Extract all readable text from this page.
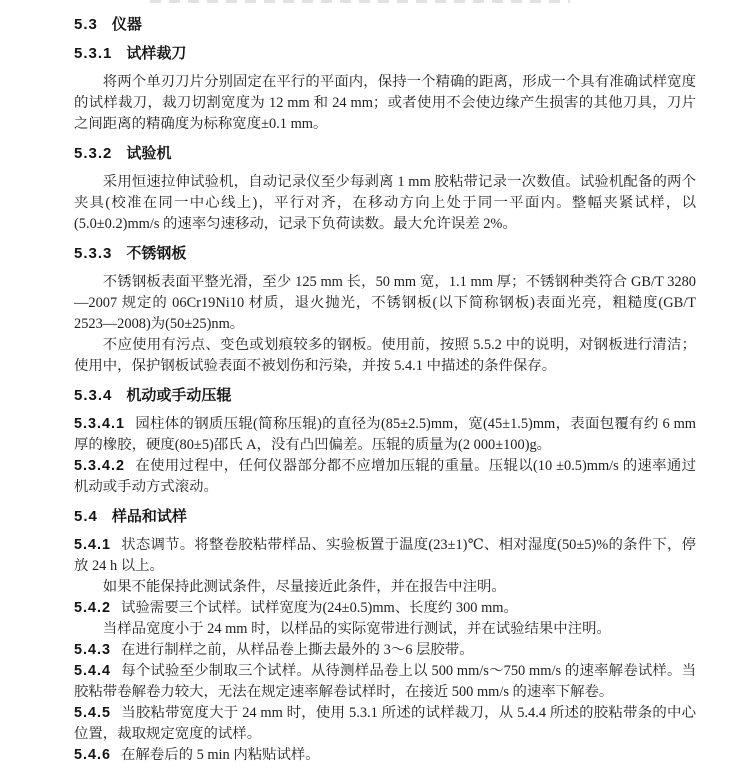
5.3 仪器
5.3.1 试样裁刀

将两个单刃刀片分别固定在平行的平面内，保持一个精确的距离，形成一个具有准确试样宽度的试样裁刀，裁刀切割宽度为 12 mm 和 24 mm；或者使用不会使边缘产生损害的其他刀具，刀片之间距离的精确度为标称宽度±0.1 mm。

5.3.2 试验机

采用恒速拉伸试验机，自动记录仪至少每剥离 1 mm 胶粘带记录一次数值。试验机配备的两个夹具(校准在同一中心线上)，平行对齐，在移动方向上处于同一平面内。整幅夹紧试样，以(5.0±0.2)mm/s 的速率匀速移动，记录下负荷读数。最大允许误差 2%。

5.3.3 不锈钢板

不锈钢板表面平整光滑，至少 125 mm 长，50 mm 宽，1.1 mm 厚；不锈钢种类符合 GB/T 3280—2007 规定的 06Cr19Ni10 材质，退火抛光，不锈钢板(以下简称钢板)表面光亮，粗糙度(GB/T 2523—2008)为(50±25)nm。

不应使用有污点、变色或划痕较多的钢板。使用前，按照 5.5.2 中的说明，对钢板进行清洁；使用中，保护钢板试验表面不被划伤和污染，并按 5.4.1 中描述的条件保存。

5.3.4 机动或手动压辊

5.3.4.1 园柱体的钢质压辊(简称压辊)的直径为(85±2.5)mm，宽(45±1.5)mm，表面包覆有约 6 mm 厚的橡胶，硬度(80±5)邵氏 A，没有凸凹偏差。压辊的质量为(2 000±100)g。

5.3.4.2 在使用过程中，任何仪器部分都不应增加压辊的重量。压辊以(10 ±0.5)mm/s 的速率通过机动或手动方式滚动。

5.4 样品和试样

5.4.1 状态调节。将整卷胶粘带样品、实验板置于温度(23±1)℃、相对湿度(50±5)%的条件下，停放 24 h 以上。

如果不能保持此测试条件，尽量接近此条件，并在报告中注明。

5.4.2 试验需要三个试样。试样宽度为(24±0.5)mm、长度约 300 mm。

当样品宽度小于 24 mm 时，以样品的实际宽带进行测试，并在试验结果中注明。

5.4.3 在进行制样之前，从样品卷上撕去最外的 3～6 层胶带。

5.4.4 每个试验至少制取三个试样。从待测样品卷上以 500 mm/s～750 mm/s 的速率解卷试样。当胶粘带卷解卷力较大，无法在规定速率解卷试样时，在接近 500 mm/s 的速率下解卷。

5.4.5 当胶粘带宽度大于 24 mm 时，使用 5.3.1 所述的试样裁刀，从 5.4.4 所述的胶粘带条的中心位置，裁取规定宽度的试样。

5.4.6 在解卷后的 5 min 内粘贴试样。
